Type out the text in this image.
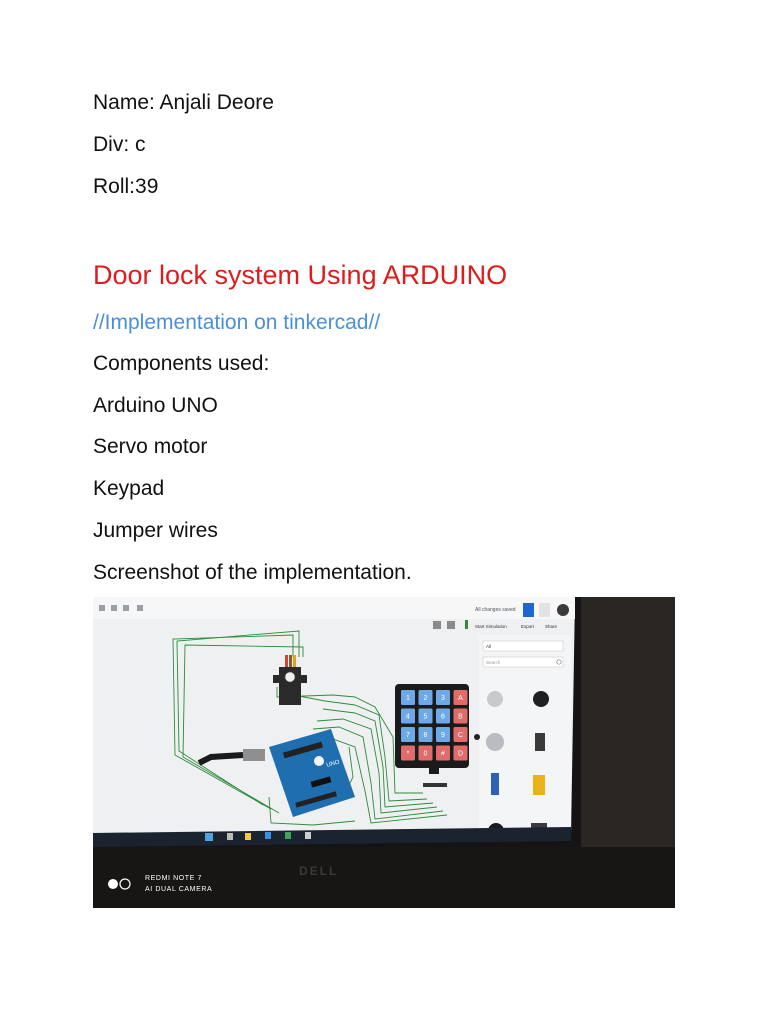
Name: Anjali Deore
Div: c
Roll:39
Door lock system Using ARDUINO
//Implementation on tinkercad//
Components used:
Arduino UNO
Servo motor
Keypad
Jumper wires
Screenshot of the implementation.
All changes saved
Start Simulation	Export Share
All
Search
UNO
1 2 3 A
4 5 6 B
7 8 9 C
* 0 # D
DELL
REDMI NOTE 7
AI DUAL CAMERA
